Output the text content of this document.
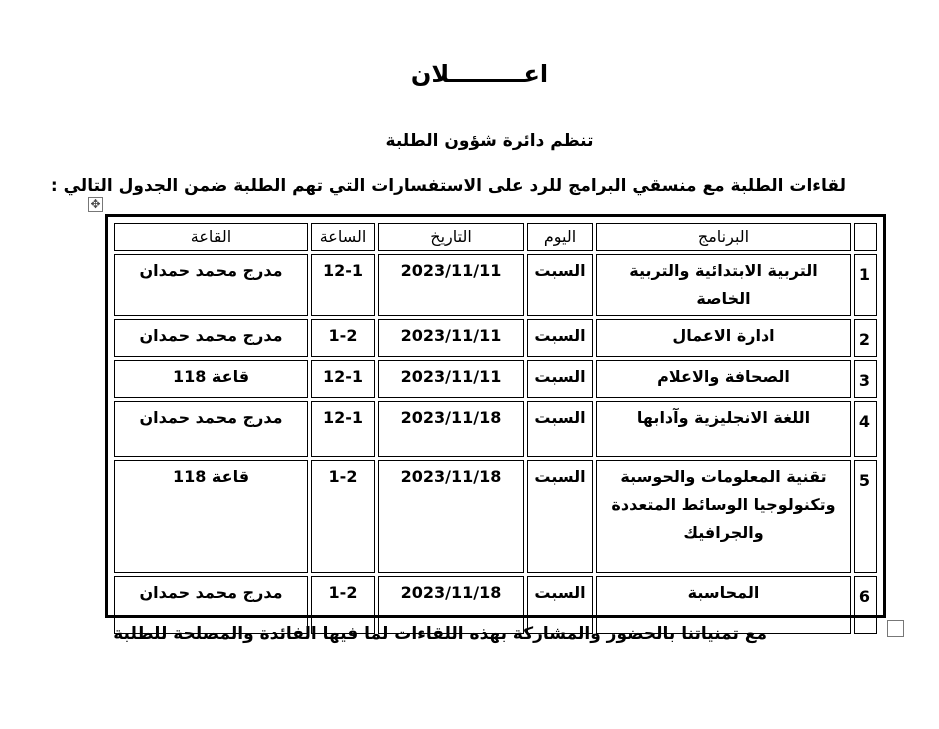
اعـــــــــلان
تنظم دائرة شؤون الطلبة
لقاءات الطلبة مع منسقي البرامج للرد على الاستفسارات التي تهم الطلبة ضمن الجدول التالي :
✥
	البرنامج	اليوم	التاريخ	الساعة	القاعة
1	التربية الابتدائية والتربية الخاصة	السبت	2023/11/11	12-1	مدرج محمد حمدان
2	ادارة الاعمال	السبت	2023/11/11	1-2	مدرج محمد حمدان
3	الصحافة والاعلام	السبت	2023/11/11	12-1	قاعة 118
4	اللغة الانجليزية وآدابها	السبت	2023/11/18	12-1	مدرج محمد حمدان
5	تقنية المعلومات والحوسبة وتكنولوجيا الوسائط المتعددة والجرافيك	السبت	2023/11/18	1-2	قاعة 118
6	المحاسبة	السبت	2023/11/18	1-2	مدرج محمد حمدان
مع تمنياتنا بالحضور والمشاركة بهذه اللقاءات لما فيها الفائدة والمصلحة للطلبة
